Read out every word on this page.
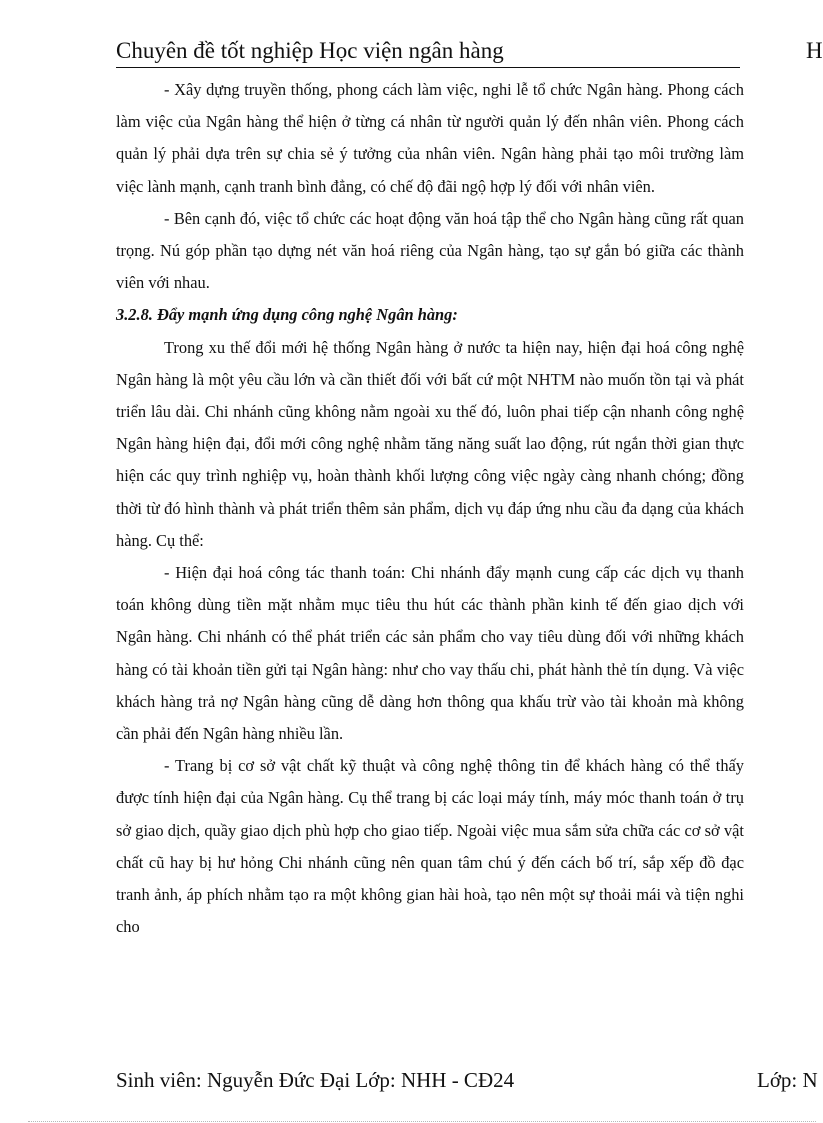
Chuyên đề tốt nghiệp Học viện ngân hàng	H

- Xây dựng truyền thống, phong cách làm việc, nghi lễ tổ chức Ngân hàng. Phong cách làm việc của Ngân hàng thể hiện ở từng cá nhân từ người quản lý đến nhân viên. Phong cách quản lý phải dựa trên sự chia sẻ ý tưởng của nhân viên. Ngân hàng phải tạo môi trường làm việc lành mạnh, cạnh tranh bình đẳng, có chế độ đãi ngộ hợp lý đối với nhân viên.

- Bên cạnh đó, việc tổ chức các hoạt động văn hoá tập thể cho Ngân hàng cũng rất quan trọng. Nú góp phần tạo dựng nét văn hoá riêng của Ngân hàng, tạo sự gắn bó giữa các thành viên với nhau.

3.2.8. Đẩy mạnh ứng dụng công nghệ Ngân hàng:

Trong xu thế đổi mới hệ thống Ngân hàng ở nước ta hiện nay, hiện đại hoá công nghệ Ngân hàng là một yêu cầu lớn và cần thiết đối với bất cứ một NHTM nào muốn tồn tại và phát triển lâu dài. Chi nhánh cũng không nằm ngoài xu thế đó, luôn phai tiếp cận nhanh công nghệ Ngân hàng hiện đại, đổi mới công nghệ nhằm tăng năng suất lao động, rút ngắn thời gian thực hiện các quy trình nghiệp vụ, hoàn thành khối lượng công việc ngày càng nhanh chóng; đồng thời từ đó hình thành và phát triển thêm sản phẩm, dịch vụ đáp ứng nhu cầu đa dạng của khách hàng. Cụ thể:

- Hiện đại hoá công tác thanh toán: Chi nhánh đẩy mạnh cung cấp các dịch vụ thanh toán không dùng tiền mặt nhằm mục tiêu thu hút các thành phần kinh tế đến giao dịch với Ngân hàng. Chi nhánh có thể phát triển các sản phẩm cho vay tiêu dùng đối với những khách hàng có tài khoản tiền gửi tại Ngân hàng: như cho vay thấu chi, phát hành thẻ tín dụng. Và việc khách hàng trả nợ Ngân hàng cũng dễ dàng hơn thông qua khấu trừ vào tài khoản mà không cần phải đến Ngân hàng nhiều lần.

- Trang bị cơ sở vật chất kỹ thuật và công nghệ thông tin để khách hàng có thể thấy được tính hiện đại của Ngân hàng. Cụ thể trang bị các loại máy tính, máy móc thanh toán ở trụ sở giao dịch, quầy giao dịch phù hợp cho giao tiếp. Ngoài việc mua sắm sửa chữa các cơ sở vật chất cũ hay bị hư hỏng Chi nhánh cũng nên quan tâm chú ý đến cách bố trí, sắp xếp đồ đạc tranh ảnh, áp phích nhằm tạo ra một không gian hài hoà, tạo nên một sự thoải mái và tiện nghi cho

Sinh viên: Nguyễn Đức Đại Lớp: NHH - CĐ24	Lớp: N
